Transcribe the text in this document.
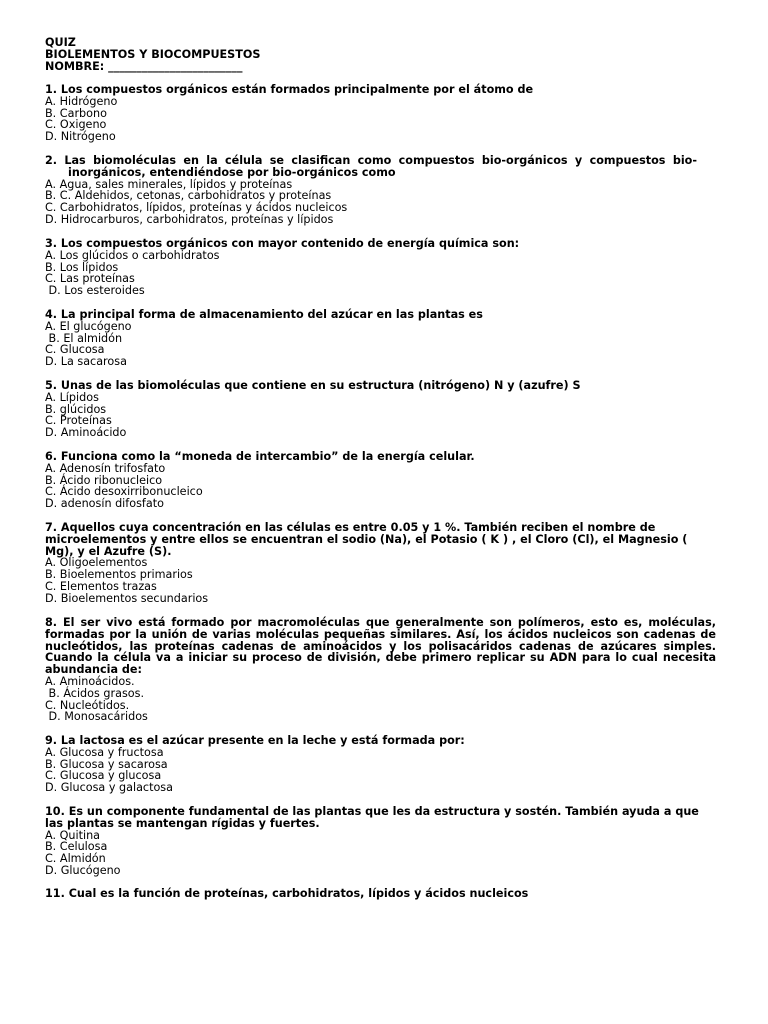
QUIZ
BIOLEMENTOS Y BIOCOMPUESTOS
NOMBRE: ________________________
1. Los compuestos orgánicos están formados principalmente por el átomo de
A. Hidrógeno
B. Carbono
C. Oxigeno
D. Nitrógeno
2. Las biomoléculas en la célula se clasifican como compuestos bio-orgánicos y compuestos bio-inorgánicos, entendiéndose por bio-orgánicos como
A. Agua, sales minerales, lípidos y proteínas
B. C. Aldehidos, cetonas, carbohidratos y proteínas
C. Carbohidratos, lípidos, proteínas y ácidos nucleicos
D. Hidrocarburos, carbohidratos, proteínas y lípidos
3. Los compuestos orgánicos con mayor contenido de energía química son:
A. Los glúcidos o carbohidratos
B. Los lípidos
C. Las proteínas
D. Los esteroides
4. La principal forma de almacenamiento del azúcar en las plantas es
A. El glucógeno
B. El almidón
C. Glucosa
D. La sacarosa
5. Unas de las biomoléculas que contiene en su estructura (nitrógeno) N y (azufre) S
A. Lípidos
B. glúcidos
C. Proteínas
D. Aminoácido
6. Funciona como la “moneda de intercambio” de la energía celular.
A. Adenosín trifosfato
B. Ácido ribonucleico
C. Ácido desoxirribonucleico
D. adenosín difosfato
7. Aquellos cuya concentración en las células es entre 0.05 y 1 %. También reciben el nombre de microelementos y entre ellos se encuentran el sodio (Na), el Potasio ( K ) , el Cloro (Cl), el Magnesio ( Mg), y el Azufre (S).
A. Oligoelementos
B. Bioelementos primarios
C. Elementos trazas
D. Bioelementos secundarios
8. El ser vivo está formado por macromoléculas que generalmente son polímeros, esto es, moléculas, formadas por la unión de varias moléculas pequeñas similares. Así, los ácidos nucleicos son cadenas de nucleótidos, las proteínas cadenas de aminoácidos y los polisacáridos cadenas de azúcares simples. Cuando la célula va a iniciar su proceso de división, debe primero replicar su ADN para lo cual necesita abundancia de:
A. Aminoácidos.
B. Ácidos grasos.
C. Nucleótidos.
D. Monosacáridos
9. La lactosa es el azúcar presente en la leche y está formada por:
A. Glucosa y fructosa
B. Glucosa y sacarosa
C. Glucosa y glucosa
D. Glucosa y galactosa
10. Es un componente fundamental de las plantas que les da estructura y sostén. También ayuda a que las plantas se mantengan rígidas y fuertes.
A. Quitina
B. Celulosa
C. Almidón
D. Glucógeno
11. Cual es la función de proteínas, carbohidratos, lípidos y ácidos nucleicos
